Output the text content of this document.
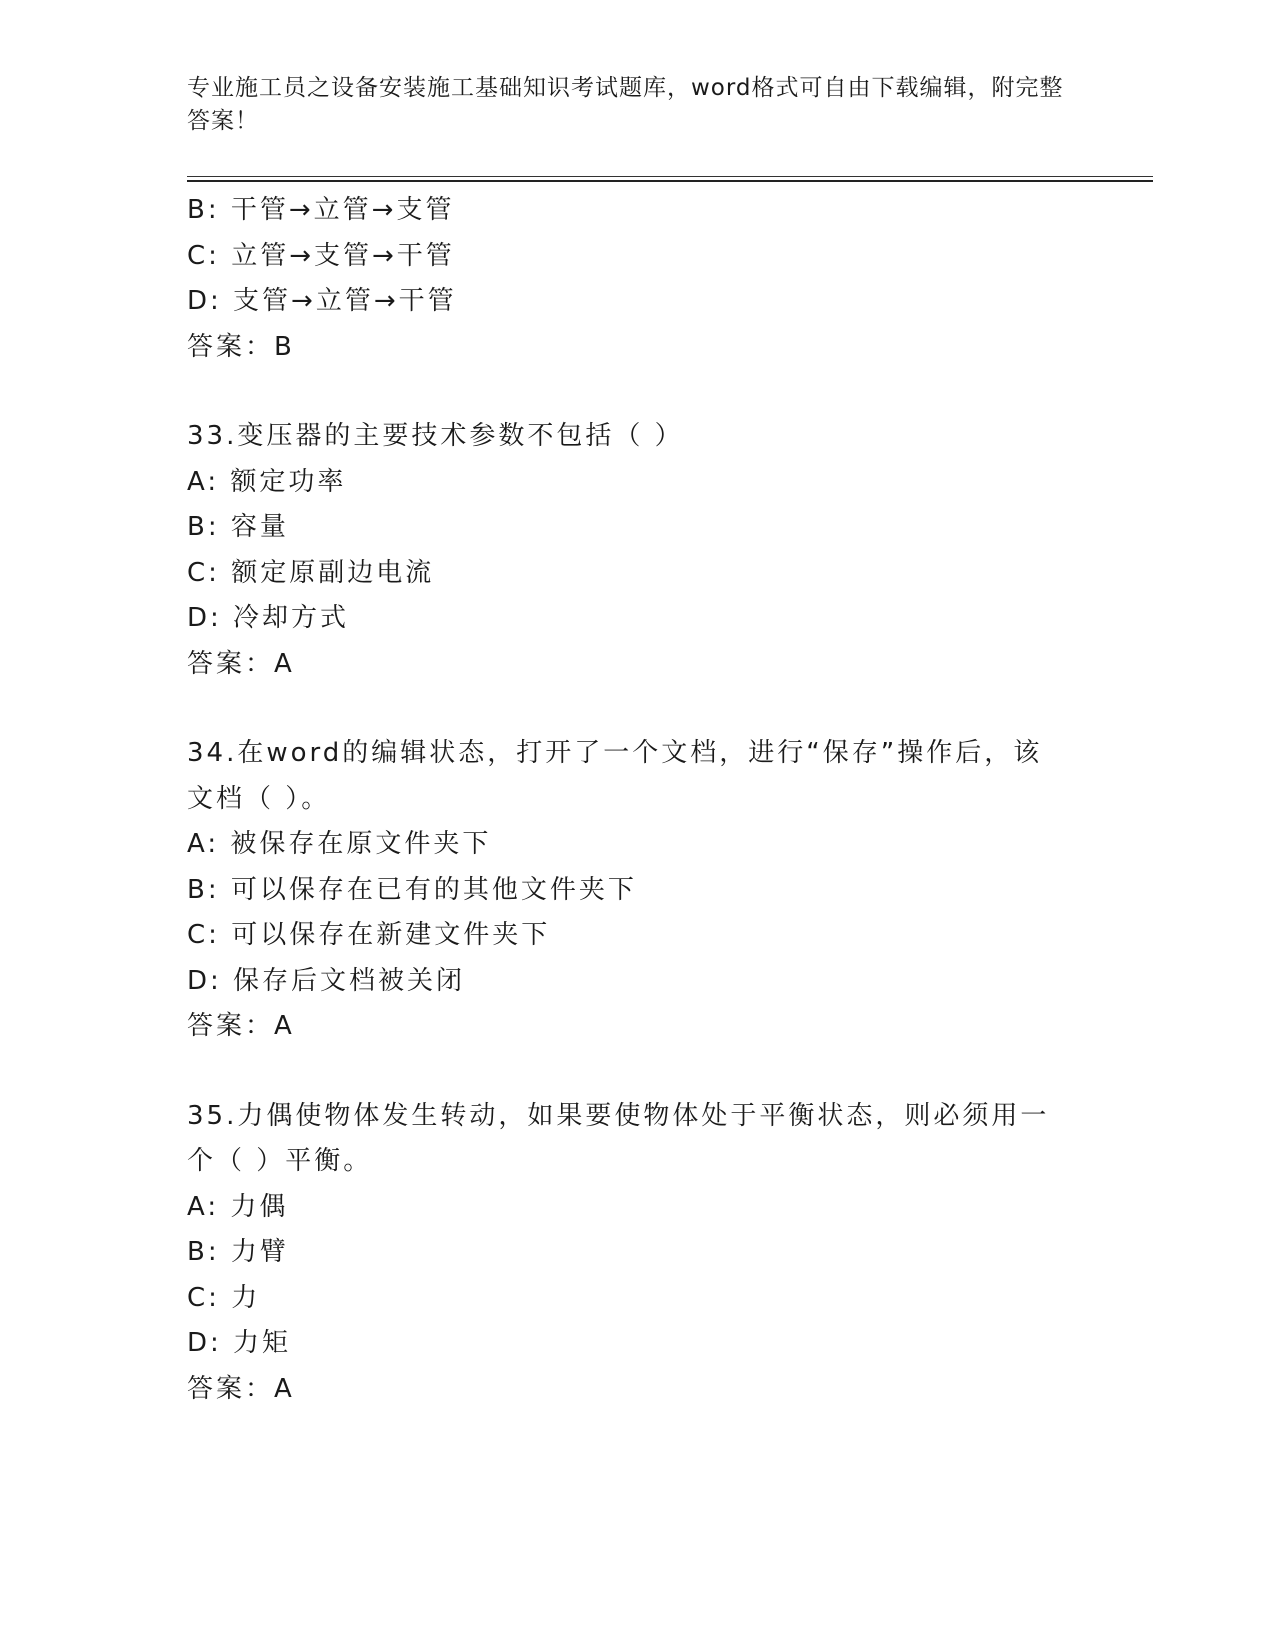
专业施工员之设备安装施工基础知识考试题库，word格式可自由下载编辑，附完整答案！
B: 干管→立管→支管
C: 立管→支管→干管
D: 支管→立管→干管
答案：B
33.变压器的主要技术参数不包括（ ）
A: 额定功率
B: 容量
C: 额定原副边电流
D: 冷却方式
答案：A
34.在word的编辑状态，打开了一个文档，进行“保存”操作后，该文档（ ）。
A: 被保存在原文件夹下
B: 可以保存在已有的其他文件夹下
C: 可以保存在新建文件夹下
D: 保存后文档被关闭
答案：A
35.力偶使物体发生转动，如果要使物体处于平衡状态，则必须用一个（ ）平衡。
A: 力偶
B: 力臂
C: 力
D: 力矩
答案：A
